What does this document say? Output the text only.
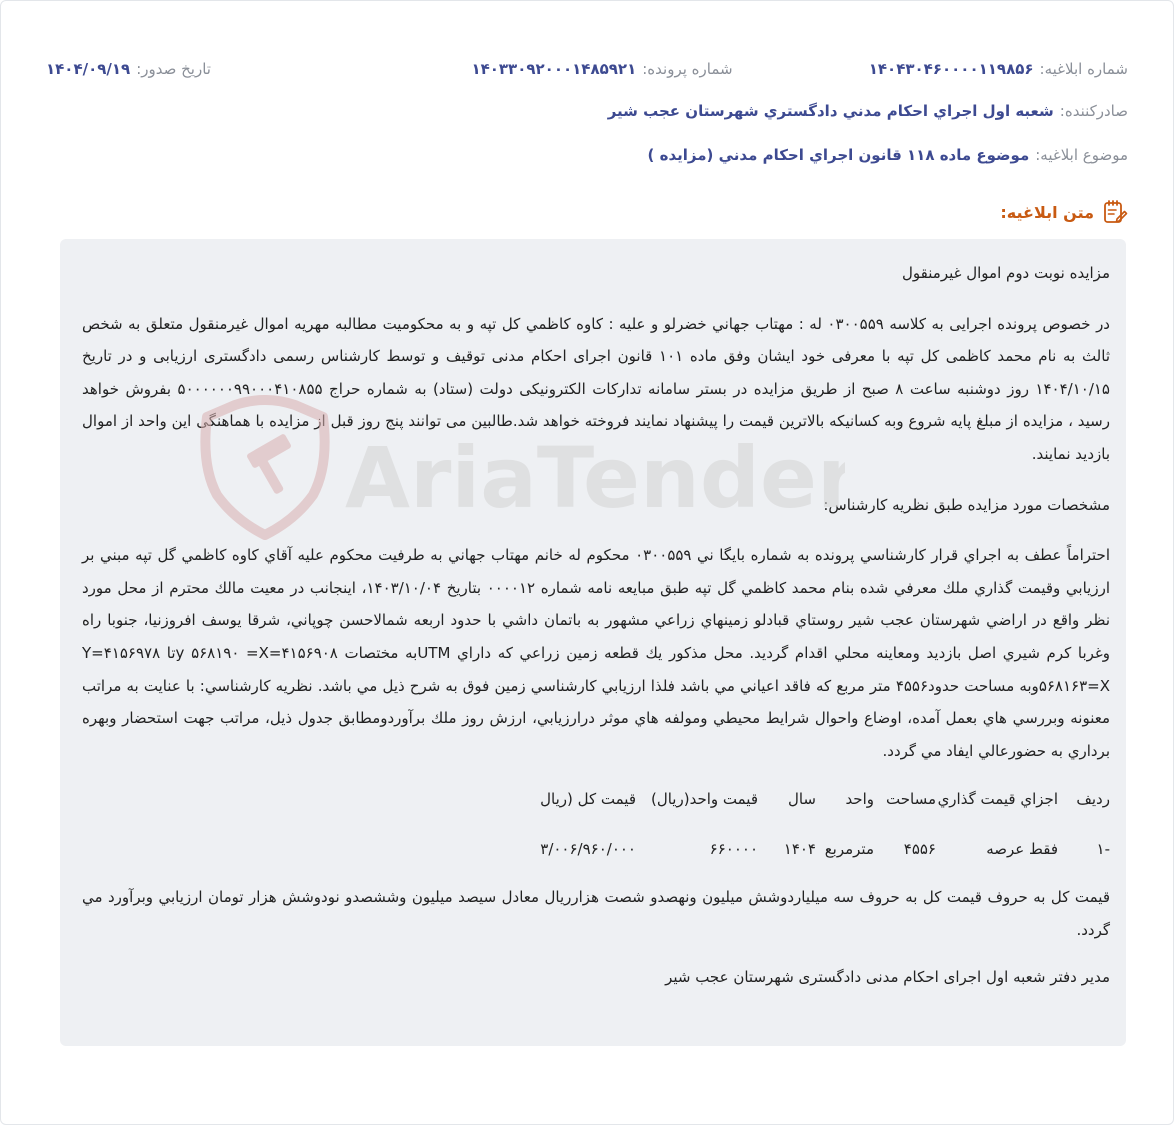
شماره ابلاغيه:
۱۴۰۴۳۰۴۶۰۰۰۰۱۱۹۸۵۶
شماره پرونده:
۱۴۰۳۳۰۹۲۰۰۰۱۴۸۵۹۲۱
تاريخ صدور:
۱۴۰۴/۰۹/۱۹
صادرکننده:
شعبه اول اجراي احكام مدني دادگستري شهرستان عجب شير
موضوع ابلاغيه:
موضوع ماده ۱۱۸ قانون اجراي احكام مدني (مزايده )
متن ابلاغيه:

مزايده نوبت دوم اموال غيرمنقول

در خصوص پرونده اجرایی به کلاسه ۰۳۰۰۵۵۹ له : مهتاب جهاني خضرلو و عليه : کاوه کاظمي کل تپه و به محکوميت مطالبه مهريه اموال غيرمنقول متعلق به شخص ثالث به نام محمد کاظمی کل تپه با معرفی خود ایشان وفق ماده ۱۰۱ قانون اجرای احکام مدنی توقیف و توسط کارشناس رسمی دادگستری ارزیابی و در تاریخ ۱۴۰۴/۱۰/۱۵ روز دوشنبه ساعت ۸ صبح از طریق مزایده در بستر سامانه تدارکات الکترونیکی دولت (ستاد) به شماره حراج ۵۰۰۰۰۰۰۹۹۰۰۰۴۱۰۸۵۵ بفروش خواهد رسید ، مزایده از مبلغ پایه شروع وبه کسانیکه بالاترین قیمت را پیشنهاد نمایند فروخته خواهد شد.طالبین می توانند پنج روز قبل از مزایده با هماهنگی این واحد از اموال بازدید نمایند.

مشخصات مورد مزايده طبق نظريه کارشناس:

احتراماً عطف به اجراي قرار كارشناسي پرونده به شماره بايگا ني ۰۳۰۰۵۵۹ محكوم له خانم مهتاب جهاني به طرفيت محكوم عليه آقاي كاوه كاظمي گل تپه مبني بر ارزيابي وقيمت گذاري ملك معرفي شده بنام محمد كاظمي گل تپه طبق مبايعه نامه شماره ۰۰۰۰۱۲ بتاريخ ۱۴۰۳/۱۰/۰۴، اينجانب در معيت مالك محترم از محل مورد نظر واقع در اراضي شهرستان عجب شير روستاي قبادلو زمينهاي زراعي مشهور به باتمان داشي با حدود اربعه شمالاحسن چوپاني، شرقا يوسف افروزنيا، جنوبا راه وغربا كرم شيري اصل بازديد ومعاينه محلي اقدام گرديد. محل مذكور يك قطعه زمين زراعي كه داراي UTMبه مختصات ۴۱۵۶۹۰۸=y ۵۶۸۱۹۰ =Xتا ۴۱۵۶۹۷۸=Y ۵۶۸۱۶۳=Xوبه مساحت حدود۴۵۵۶ متر مربع كه فاقد اعياني مي باشد فلذا ارزيابي كارشناسي زمين فوق به شرح ذيل مي باشد. نظريه كارشناسي: با عنايت به مراتب معنونه وبررسي هاي بعمل آمده، اوضاع واحوال شرايط محيطي ومولفه هاي موثر درارزيابي، ارزش روز ملك برآوردومطابق جدول ذيل، مراتب جهت استحضار وبهره برداري به حضورعالي ايفاد مي گردد.

رديف
اجزاي قيمت گذاري
مساحت
واحد
سال
قيمت واحد(ريال)
قيمت كل (ريال
-۱
فقط عرصه
۴۵۵۶
مترمربع
۱۴۰۴
۶۶۰۰۰۰
۳/۰۰۶/۹۶۰/۰۰۰

قيمت كل به حروف قيمت كل به حروف سه ميلياردوشش ميليون ونهصدو شصت هزارريال معادل سيصد ميليون وششصدو نودوشش هزار تومان ارزيابي وبرآورد مي گردد.

مدير دفتر شعبه اول اجرای احکام مدنی دادگستری شهرستان عجب شير

AriaTender
